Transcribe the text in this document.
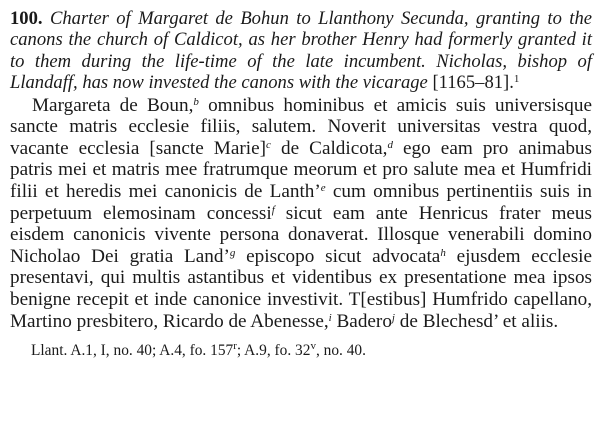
100. Charter of Margaret de Bohun to Llanthony Secunda, granting to the canons the church of Caldicot, as her brother Henry had formerly granted it to them during the life-time of the late incumbent. Nicholas, bishop of Llandaff, has now invested the canons with the vicarage [1165–81].$^1$

Margareta de Boun,$^b$ omnibus hominibus et amicis suis universisque sancte matris ecclesie filiis, salutem. Noverit universitas vestra quod, vacante ecclesia [sancte Marie]$^c$ de Caldicota,$^d$ ego eam pro animabus patris mei et matris mee fratrumque meorum et pro salute mea et Humfridi filii et heredis mei canonicis de Lanth’$^e$ cum omnibus pertinentiis suis in perpetuum elemosinam concessi$^f$ sicut eam ante Henricus frater meus eisdem canonicis vivente persona donaverat. Illosque venerabili domino Nicholao Dei gratia Land’$^g$ episcopo sicut advocata$^h$ ejusdem ecclesie presentavi, qui multis astantibus et videntibus ex presentatione mea ipsos benigne recepit et inde canonice investivit. T[estibus] Humfrido capellano, Martino presbitero, Ricardo de Abenesse,$^i$ Badero$^j$ de Blechesd’ et aliis.

Llant. A.1, I, no. 40; A.4, fo. 157$^r$; A.9, fo. 32$^v$, no. 40.
